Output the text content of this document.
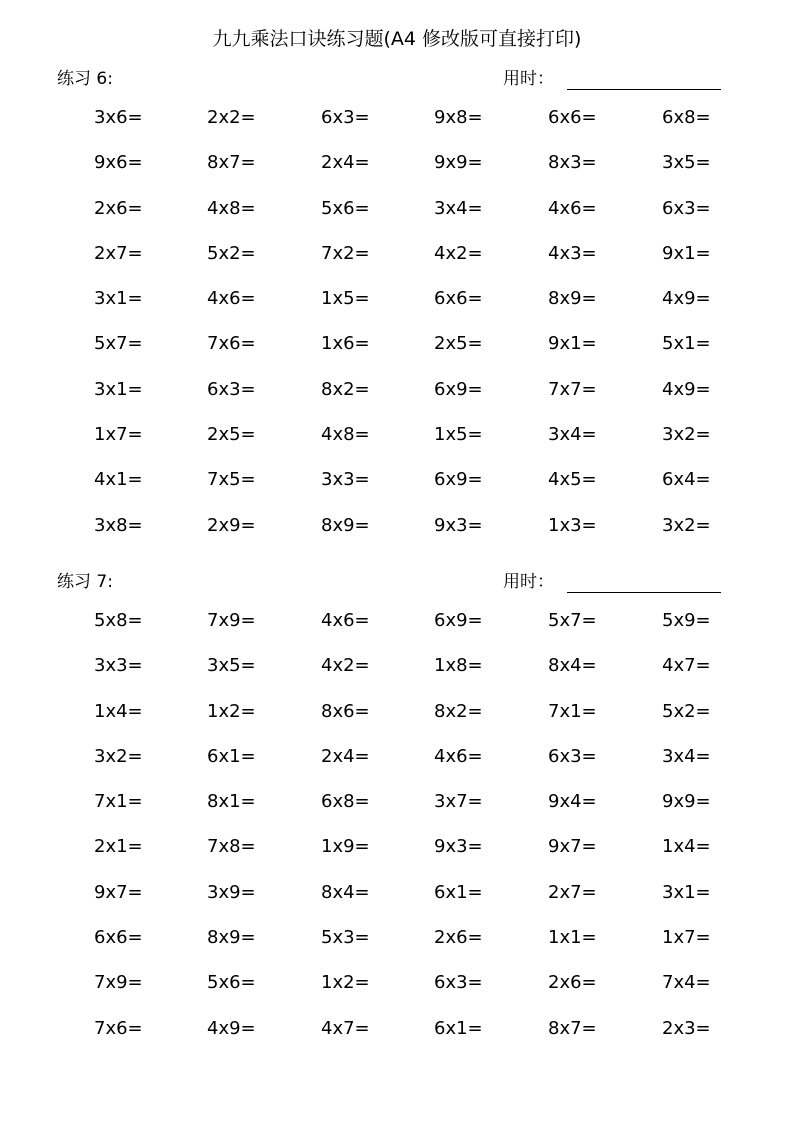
九九乘法口诀练习题(A4 修改版可直接打印)
练习 6:	用时：
3x6=	2x2=	6x3=	9x8=	6x6=	6x8=
9x6=	8x7=	2x4=	9x9=	8x3=	3x5=
2x6=	4x8=	5x6=	3x4=	4x6=	6x3=
2x7=	5x2=	7x2=	4x2=	4x3=	9x1=
3x1=	4x6=	1x5=	6x6=	8x9=	4x9=
5x7=	7x6=	1x6=	2x5=	9x1=	5x1=
3x1=	6x3=	8x2=	6x9=	7x7=	4x9=
1x7=	2x5=	4x8=	1x5=	3x4=	3x2=
4x1=	7x5=	3x3=	6x9=	4x5=	6x4=
3x8=	2x9=	8x9=	9x3=	1x3=	3x2=
练习 7:	用时：
5x8=	7x9=	4x6=	6x9=	5x7=	5x9=
3x3=	3x5=	4x2=	1x8=	8x4=	4x7=
1x4=	1x2=	8x6=	8x2=	7x1=	5x2=
3x2=	6x1=	2x4=	4x6=	6x3=	3x4=
7x1=	8x1=	6x8=	3x7=	9x4=	9x9=
2x1=	7x8=	1x9=	9x3=	9x7=	1x4=
9x7=	3x9=	8x4=	6x1=	2x7=	3x1=
6x6=	8x9=	5x3=	2x6=	1x1=	1x7=
7x9=	5x6=	1x2=	6x3=	2x6=	7x4=
7x6=	4x9=	4x7=	6x1=	8x7=	2x3=
